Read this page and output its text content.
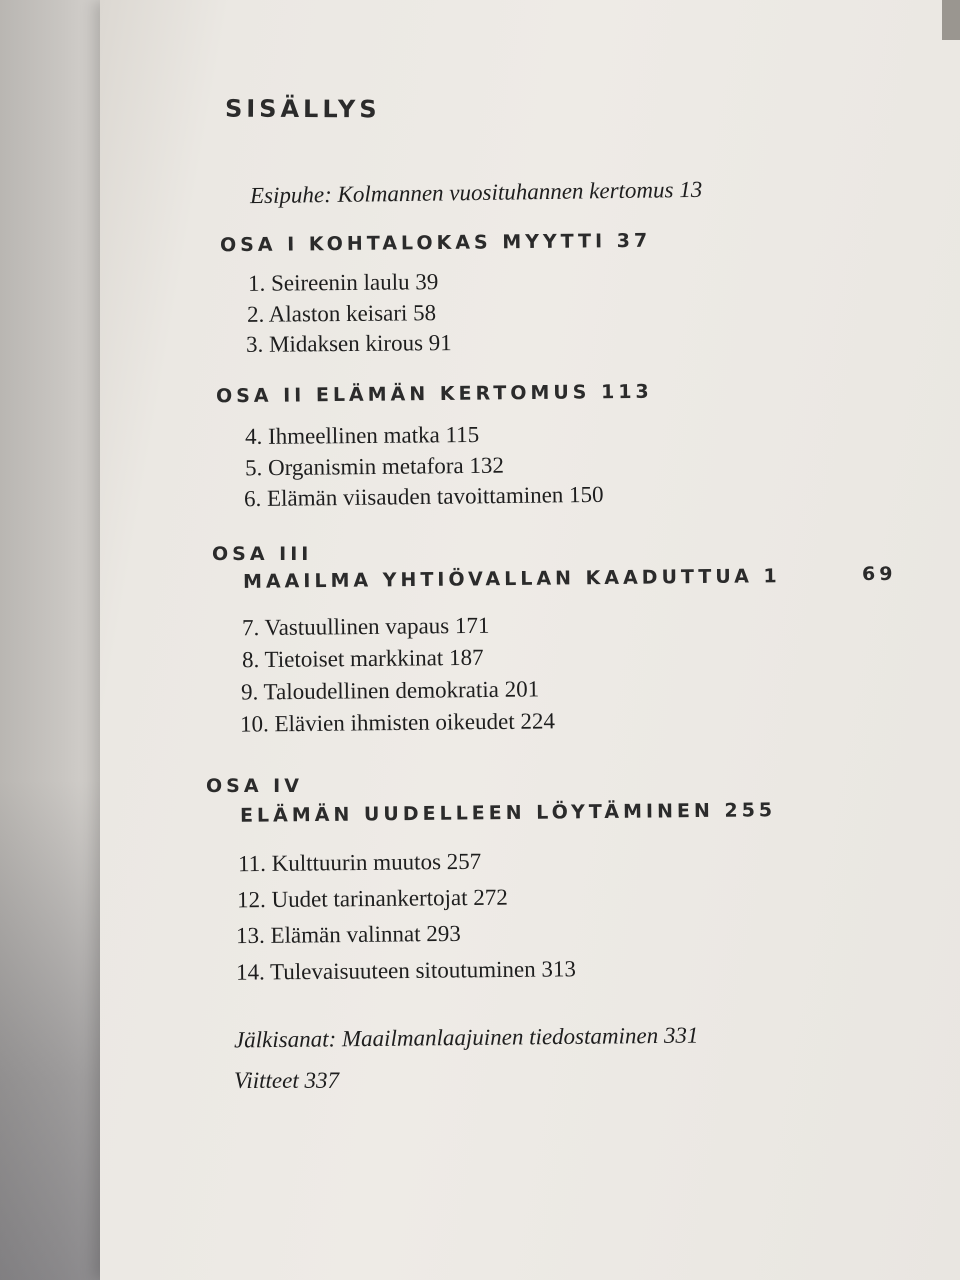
SISÄLLYS
Esipuhe: Kolmannen vuosituhannen kertomus 13
OSA I KOHTALOKAS MYYTTI 37
1. Seireenin laulu 39
2. Alaston keisari 58
3. Midaksen kirous 91
OSA II ELÄMÄN KERTOMUS 113
4. Ihmeellinen matka 115
5. Organismin metafora 132
6. Elämän viisauden tavoittaminen 150
OSA III
MAAILMA YHTIÖVALLAN KAADUTTUA 1	69
7. Vastuullinen vapaus 171
8. Tietoiset markkinat 187
9. Taloudellinen demokratia 201
10. Elävien ihmisten oikeudet 224
OSA IV
ELÄMÄN UUDELLEEN LÖYTÄMINEN 255
11. Kulttuurin muutos 257
12. Uudet tarinankertojat 272
13. Elämän valinnat 293
14. Tulevaisuuteen sitoutuminen 313
Jälkisanat: Maailmanlaajuinen tiedostaminen 331
Viitteet 337
